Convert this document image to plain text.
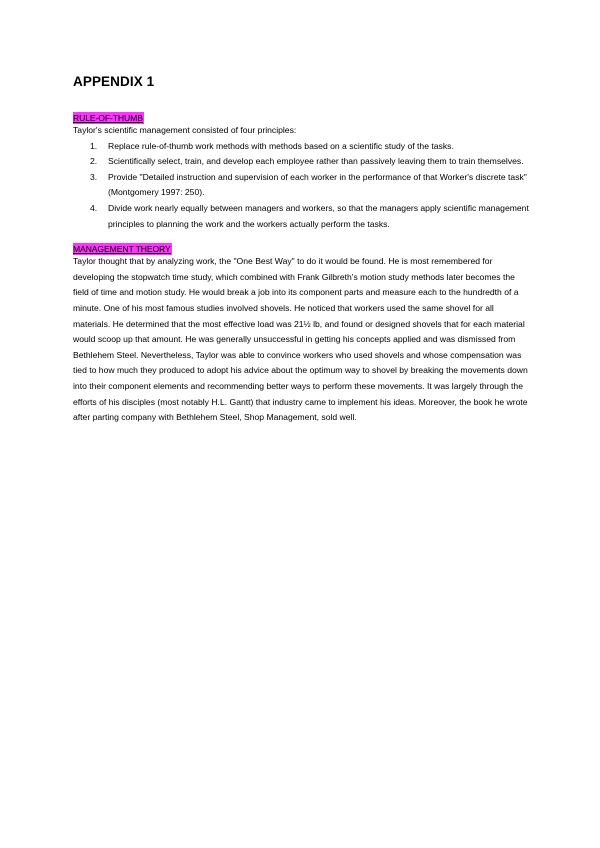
APPENDIX 1
RULE-OF-THUMB

Taylor's scientific management consisted of four principles:

1. Replace rule-of-thumb work methods with methods based on a scientific study of the tasks.
2. Scientifically select, train, and develop each employee rather than passively leaving them to train themselves.
3. Provide "Detailed instruction and supervision of each worker in the performance of that Worker's discrete task" (Montgomery 1997: 250).
4. Divide work nearly equally between managers and workers, so that the managers apply scientific management principles to planning the work and the workers actually perform the tasks.
MANAGEMENT THEORY

Taylor thought that by analyzing work, the "One Best Way" to do it would be found. He is most remembered for developing the stopwatch time study, which combined with Frank Gilbreth's motion study methods later becomes the field of time and motion study. He would break a job into its component parts and measure each to the hundredth of a minute. One of his most famous studies involved shovels. He noticed that workers used the same shovel for all materials. He determined that the most effective load was 21½ lb, and found or designed shovels that for each material would scoop up that amount. He was generally unsuccessful in getting his concepts applied and was dismissed from Bethlehem Steel. Nevertheless, Taylor was able to convince workers who used shovels and whose compensation was tied to how much they produced to adopt his advice about the optimum way to shovel by breaking the movements down into their component elements and recommending better ways to perform these movements. It was largely through the efforts of his disciples (most notably H.L. Gantt) that industry came to implement his ideas. Moreover, the book he wrote after parting company with Bethlehem Steel, Shop Management, sold well.
